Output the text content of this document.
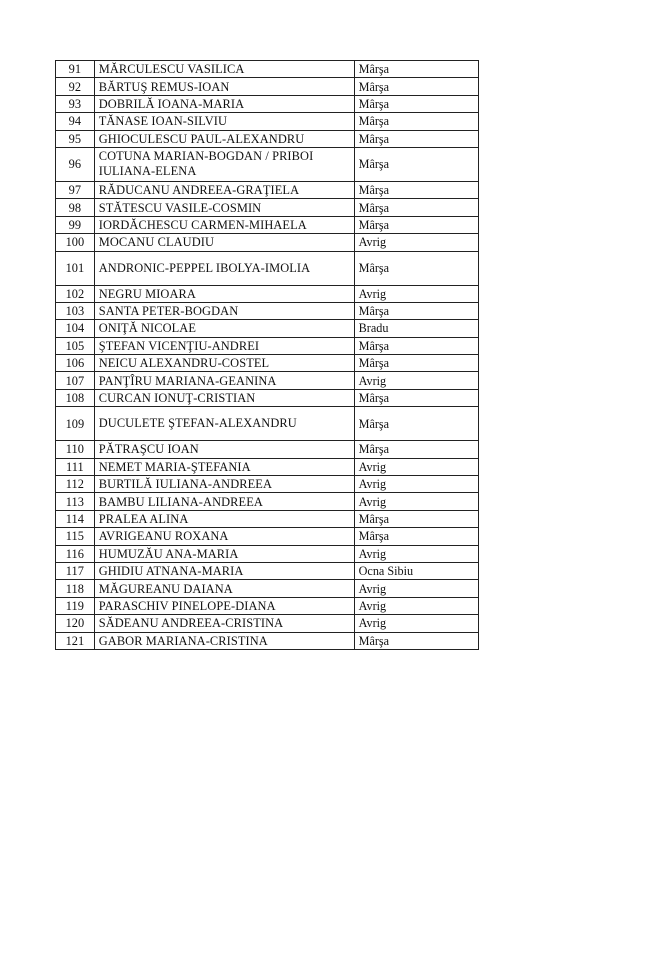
91	MĂRCULESCU VASILICA	Mârşa
92	BĂRTUŞ REMUS-IOAN	Mârşa
93	DOBRILĂ IOANA-MARIA	Mârşa
94	TĂNASE IOAN-SILVIU	Mârşa
95	GHIOCULESCU PAUL-ALEXANDRU	Mârşa
96	COTUNA MARIAN-BOGDAN / PRIBOI IULIANA-ELENA	Mârşa
97	RĂDUCANU ANDREEA-GRAŢIELA	Mârşa
98	STĂTESCU VASILE-COSMIN	Mârşa
99	IORDĂCHESCU CARMEN-MIHAELA	Mârşa
100	MOCANU CLAUDIU	Avrig
101	ANDRONIC-PEPPEL IBOLYA-IMOLIA	Mârşa
102	NEGRU MIOARA	Avrig
103	SANTA PETER-BOGDAN	Mârşa
104	ONIŢĂ NICOLAE	Bradu
105	ŞTEFAN VICENŢIU-ANDREI	Mârşa
106	NEICU ALEXANDRU-COSTEL	Mârşa
107	PANŢÎRU MARIANA-GEANINA	Avrig
108	CURCAN IONUŢ-CRISTIAN	Mârşa
109	DUCULETE ŞTEFAN-ALEXANDRU	Mârşa
110	PĂTRAŞCU IOAN	Mârşa
111	NEMET MARIA-ŞTEFANIA	Avrig
112	BURTILĂ IULIANA-ANDREEA	Avrig
113	BAMBU LILIANA-ANDREEA	Avrig
114	PRALEA ALINA	Mârşa
115	AVRIGEANU ROXANA	Mârşa
116	HUMUZĂU ANA-MARIA	Avrig
117	GHIDIU ATNANA-MARIA	Ocna Sibiu
118	MĂGUREANU DAIANA	Avrig
119	PARASCHIV PINELOPE-DIANA	Avrig
120	SĂDEANU ANDREEA-CRISTINA	Avrig
121	GABOR MARIANA-CRISTINA	Mârşa
